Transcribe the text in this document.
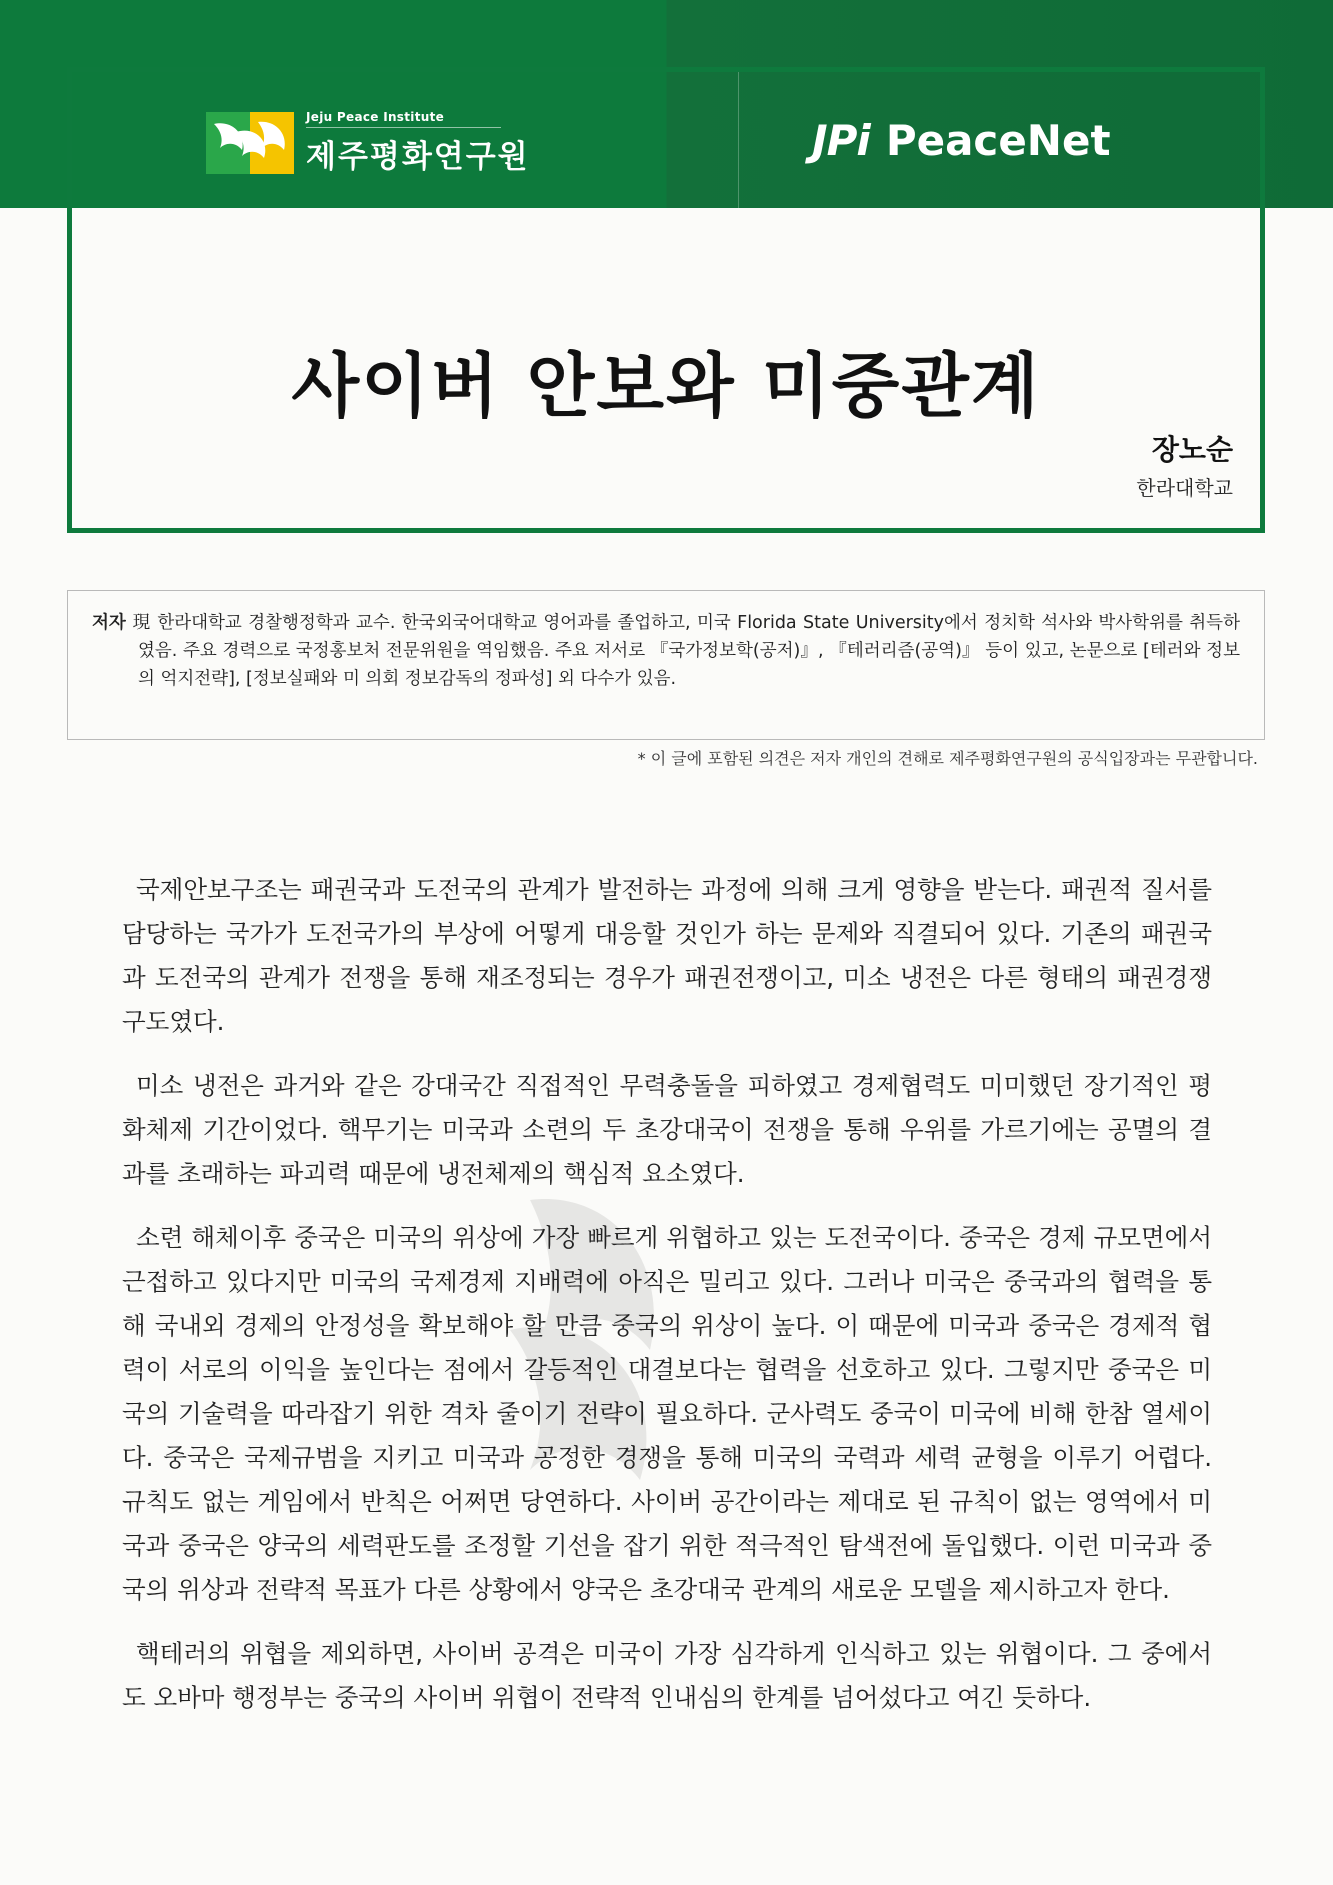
Jeju Peace Institute
제주평화연구원	JPi PeaceNet
사이버 안보와 미중관계
장노순
한라대학교
저자 現 한라대학교 경찰행정학과 교수. 한국외국어대학교 영어과를 졸업하고, 미국 Florida State University에서 정치학 석사와 박사학위를 취득하였음. 주요 경력으로 국정홍보처 전문위원을 역임했음. 주요 저서로 『국가정보학(공저)』, 『테러리즘(공역)』 등이 있고, 논문으로 [테러와 정보의 억지전략], [정보실패와 미 의회 정보감독의 정파성] 외 다수가 있음.
* 이 글에 포함된 의견은 저자 개인의 견해로 제주평화연구원의 공식입장과는 무관합니다.

국제안보구조는 패권국과 도전국의 관계가 발전하는 과정에 의해 크게 영향을 받는다. 패권적 질서를 담당하는 국가가 도전국가의 부상에 어떻게 대응할 것인가 하는 문제와 직결되어 있다. 기존의 패권국과 도전국의 관계가 전쟁을 통해 재조정되는 경우가 패권전쟁이고, 미소 냉전은 다른 형태의 패권경쟁 구도였다.

미소 냉전은 과거와 같은 강대국간 직접적인 무력충돌을 피하였고 경제협력도 미미했던 장기적인 평화체제 기간이었다. 핵무기는 미국과 소련의 두 초강대국이 전쟁을 통해 우위를 가르기에는 공멸의 결과를 초래하는 파괴력 때문에 냉전체제의 핵심적 요소였다.

소련 해체이후 중국은 미국의 위상에 가장 빠르게 위협하고 있는 도전국이다. 중국은 경제 규모면에서 근접하고 있다지만 미국의 국제경제 지배력에 아직은 밀리고 있다. 그러나 미국은 중국과의 협력을 통해 국내외 경제의 안정성을 확보해야 할 만큼 중국의 위상이 높다. 이 때문에 미국과 중국은 경제적 협력이 서로의 이익을 높인다는 점에서 갈등적인 대결보다는 협력을 선호하고 있다. 그렇지만 중국은 미국의 기술력을 따라잡기 위한 격차 줄이기 전략이 필요하다. 군사력도 중국이 미국에 비해 한참 열세이다. 중국은 국제규범을 지키고 미국과 공정한 경쟁을 통해 미국의 국력과 세력 균형을 이루기 어렵다. 규칙도 없는 게임에서 반칙은 어쩌면 당연하다. 사이버 공간이라는 제대로 된 규칙이 없는 영역에서 미국과 중국은 양국의 세력판도를 조정할 기선을 잡기 위한 적극적인 탐색전에 돌입했다. 이런 미국과 중국의 위상과 전략적 목표가 다른 상황에서 양국은 초강대국 관계의 새로운 모델을 제시하고자 한다.

핵테러의 위협을 제외하면, 사이버 공격은 미국이 가장 심각하게 인식하고 있는 위협이다. 그 중에서도 오바마 행정부는 중국의 사이버 위협이 전략적 인내심의 한계를 넘어섰다고 여긴 듯하다.
